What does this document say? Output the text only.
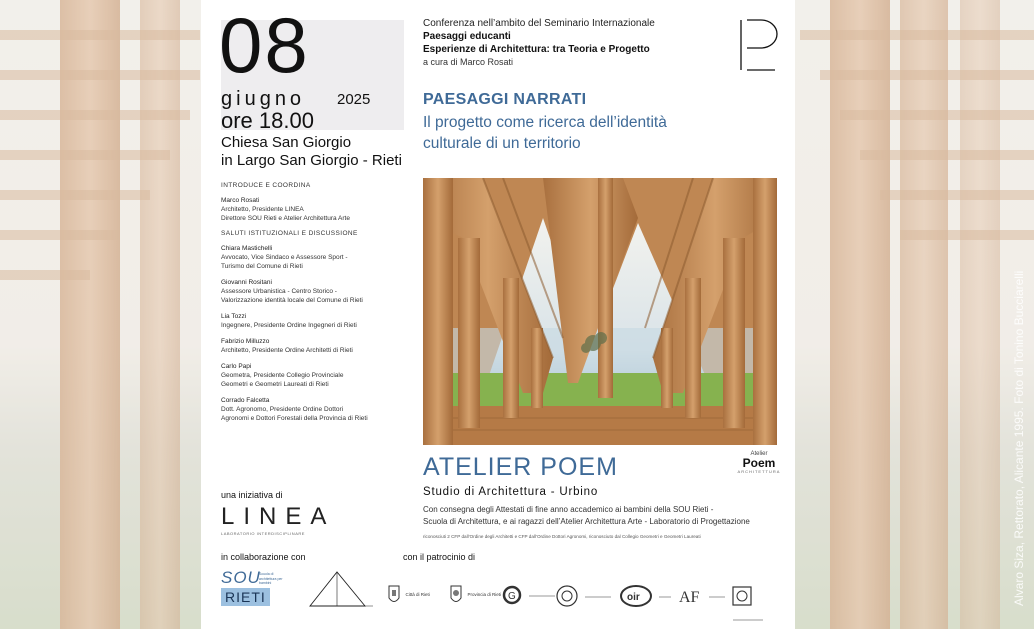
Alvaro Siza, Rettorato, Alicante 1995. Foto di Tonino Bucciarelli
08
giugno 2025
ore 18.00
Chiesa San Giorgio
in Largo San Giorgio - Rieti
INTRODUCE E COORDINA
Marco Rosati
Architetto, Presidente LINEA
Direttore SOU Rieti e Atelier Architettura Arte
SALUTI ISTITUZIONALI E DISCUSSIONE
Chiara Mastichelli
Avvocato, Vice Sindaco e Assessore Sport -
Turismo del Comune di Rieti
Giovanni Rositani
Assessore Urbanistica - Centro Storico -
Valorizzazione identità locale del Comune di Rieti
Lia Tozzi
Ingegnere, Presidente Ordine Ingegneri di Rieti
Fabrizio Milluzzo
Architetto, Presidente Ordine Architetti di Rieti
Carlo Papi
Geometra, Presidente Collegio Provinciale
Geometri e Geometri Laureati di Rieti
Corrado Falcetta
Dott. Agronomo, Presidente Ordine Dottori
Agronomi e Dottori Forestali della Provincia di Rieti
Conferenza nell’ambito del Seminario Internazionale
Paesaggi educanti
Esperienze di Architettura: tra Teoria e Progetto
a cura di Marco Rosati
PAESAGGI NARRATI
Il progetto come ricerca dell’identità
culturale di un territorio
ATELIER POEM	Atelier
Poem
ARCHITETTURA
Studio di Architettura - Urbino
Con consegna degli Attestati di fine anno accademico ai bambini della SOU Rieti -
Scuola di Architettura, e ai ragazzi dell’Atelier Architettura Arte - Laboratorio di Progettazione
riconosciuti 2 CFP dall’Ordine degli Architetti e CFP dall’Ordine Dottori Agronomi, riconosciuto dal Collegio Geometri e Geometri Laureati
una iniziativa di
LINEA
LABORATORIO INTERDISCIPLINARE
in collaborazione con	con il patrocinio di
SOU
RIETI
Scuola di architettura per bambini
Città di Rieti	Provincia di Rieti G

	oir
AF
